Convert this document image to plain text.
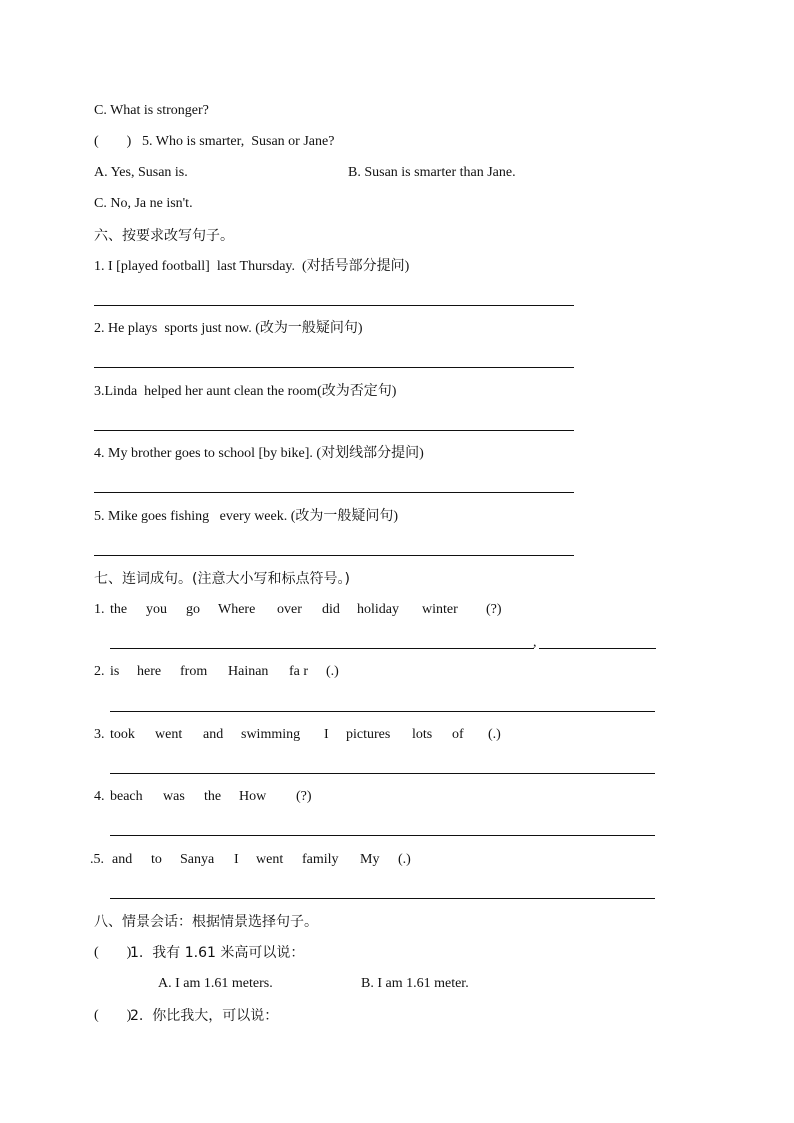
C. What is stronger?
(        ) 5. Who is smarter,  Susan or Jane?
A. Yes, Susan is.	B. Susan is smarter than Jane.
C. No, Ja ne isn't.
六、按要求改写句子。
1. I [played football]  last Thursday.  (对括号部分提问)
2. He plays  sports just now. (改为一般疑问句)
3.Linda  helped her aunt clean the room(改为否定句)
4. My brother goes to school [by bike]. (对划线部分提问)
5. Mike goes fishing   every week. (改为一般疑问句)
七、连词成句。(注意大小写和标点符号。)
1. the you go Where over did holiday winter (?)
,
2. is here from Hainan fa r (.)
3. took went and swimming I pictures lots of (.)
4. beach was the How (?)
.5. and to Sanya I went family My (.)
八、情景会话：根据情景选择句子。
(        )
1.  我有 1.61 米高可以说：
A. I am 1.61 meters.	B. I am 1.61 meter.
(        )
2.  你比我大，可以说：
